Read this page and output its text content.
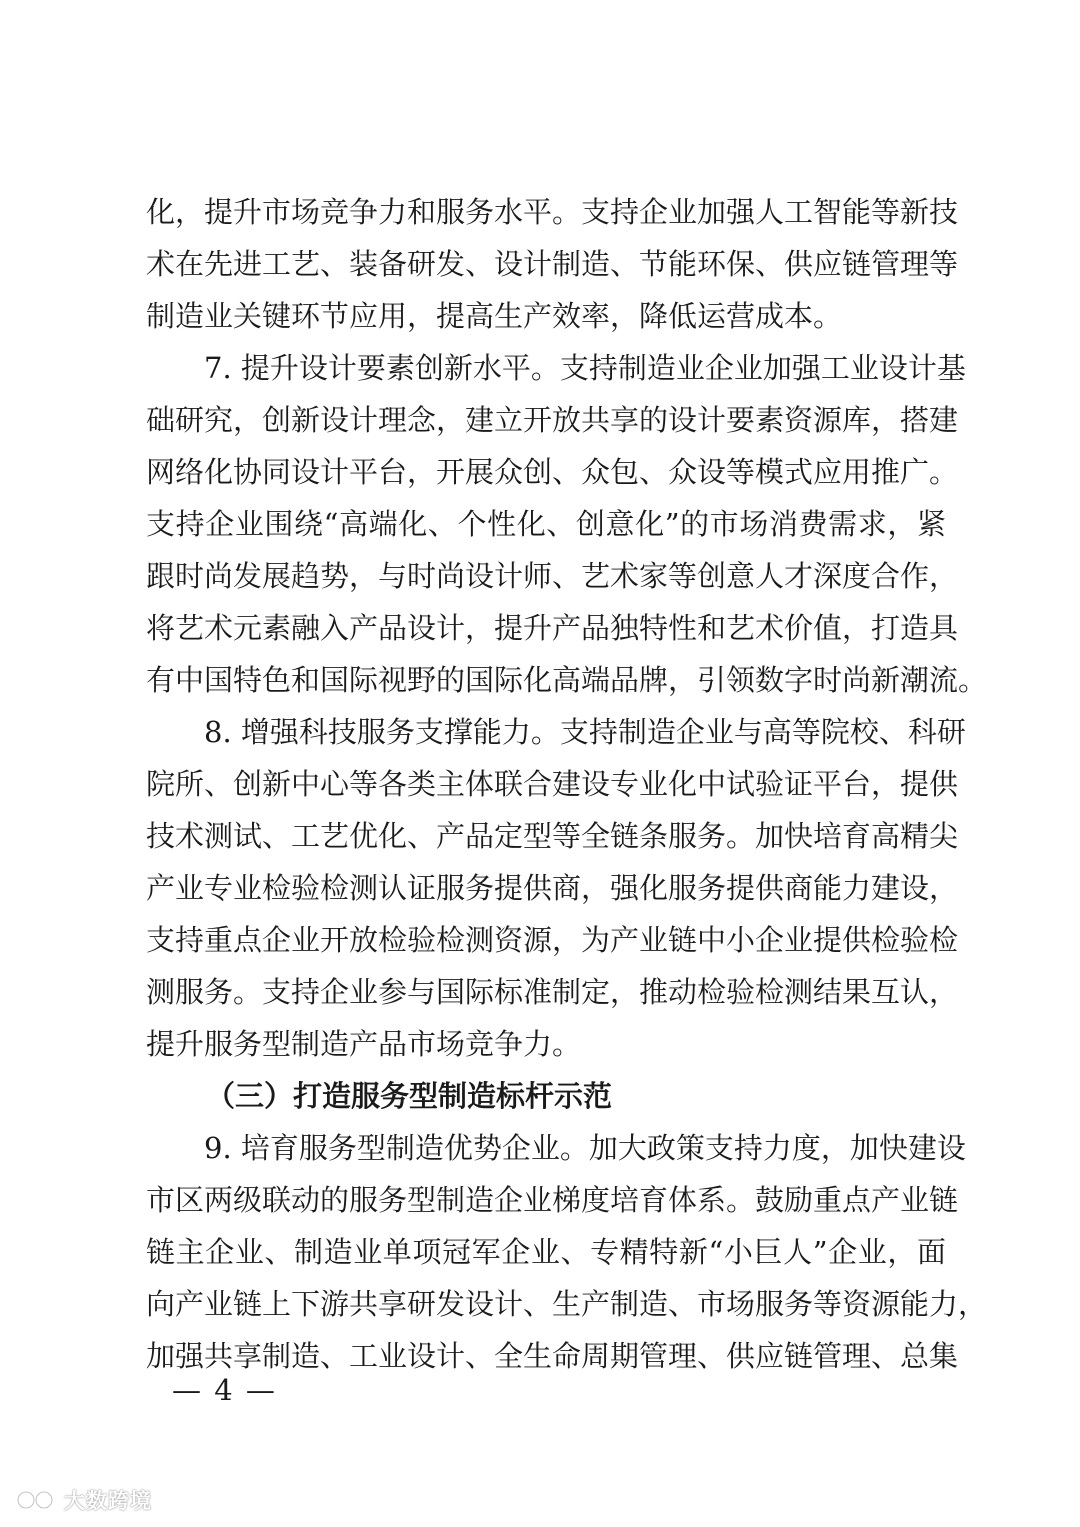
化，提升市场竞争力和服务水平。支持企业加强人工智能等新技
术在先进工艺、装备研发、设计制造、节能环保、供应链管理等
制造业关键环节应用，提高生产效率，降低运营成本。
7. 提升设计要素创新水平。支持制造业企业加强工业设计基
础研究，创新设计理念，建立开放共享的设计要素资源库，搭建
网络化协同设计平台，开展众创、众包、众设等模式应用推广。
支持企业围绕“高端化、个性化、创意化”的市场消费需求，紧
跟时尚发展趋势，与时尚设计师、艺术家等创意人才深度合作，
将艺术元素融入产品设计，提升产品独特性和艺术价值，打造具
有中国特色和国际视野的国际化高端品牌，引领数字时尚新潮流。
8. 增强科技服务支撑能力。支持制造企业与高等院校、科研
院所、创新中心等各类主体联合建设专业化中试验证平台，提供
技术测试、工艺优化、产品定型等全链条服务。加快培育高精尖
产业专业检验检测认证服务提供商，强化服务提供商能力建设，
支持重点企业开放检验检测资源，为产业链中小企业提供检验检
测服务。支持企业参与国际标准制定，推动检验检测结果互认，
提升服务型制造产品市场竞争力。
（三）打造服务型制造标杆示范
9. 培育服务型制造优势企业。加大政策支持力度，加快建设
市区两级联动的服务型制造企业梯度培育体系。鼓励重点产业链
链主企业、制造业单项冠军企业、专精特新“小巨人”企业，面
向产业链上下游共享研发设计、生产制造、市场服务等资源能力，
加强共享制造、工业设计、全生命周期管理、供应链管理、总集
— 4 —
大数跨境
